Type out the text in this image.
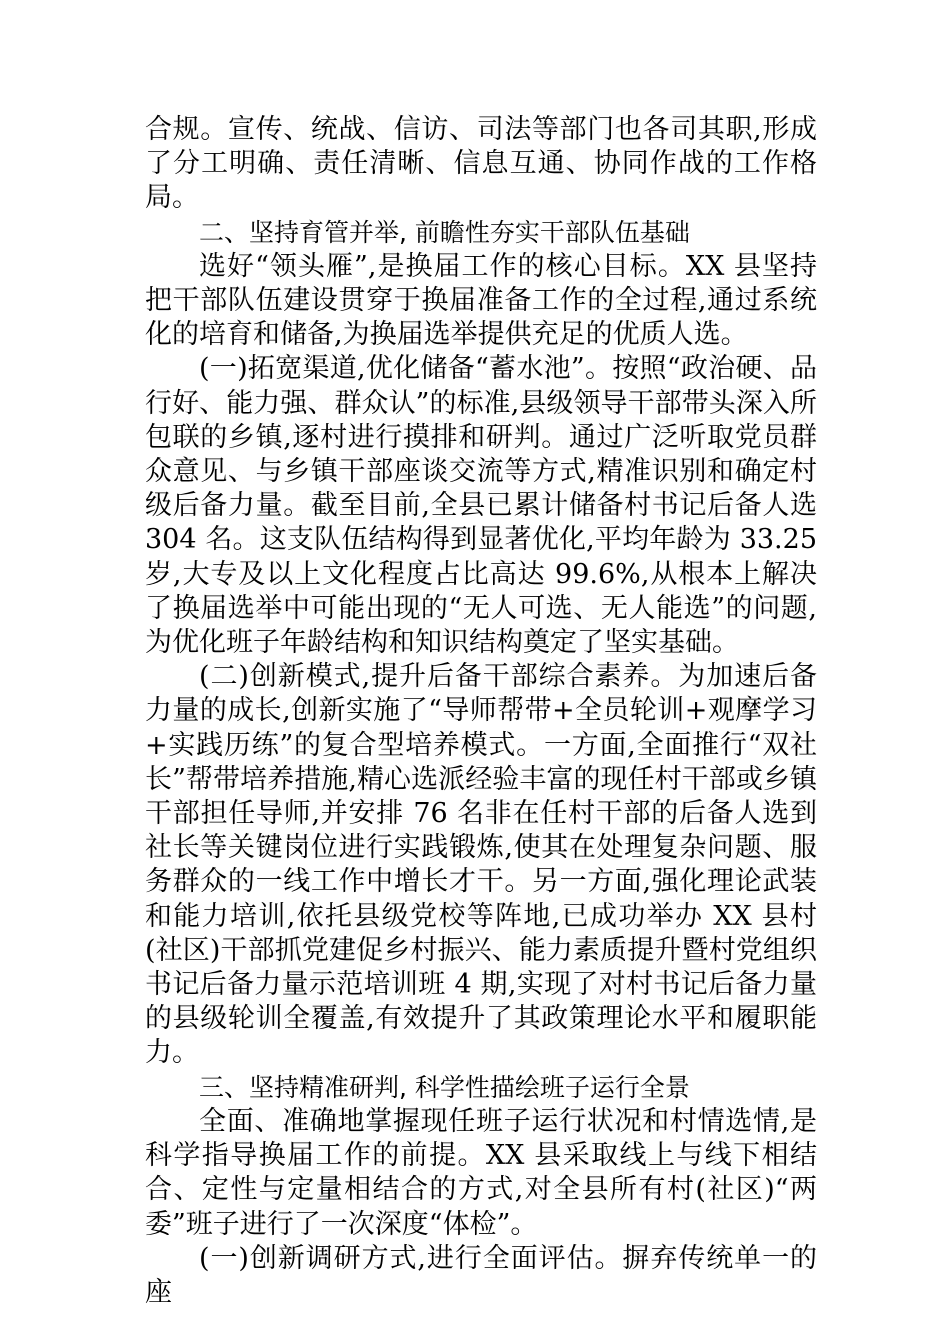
合规。宣传、统战、信访、司法等部门也各司其职,形成了分工明确、责任清晰、信息互通、协同作战的工作格局。

二、坚持育管并举, 前瞻性夯实干部队伍基础

选好“领头雁”,是换届工作的核心目标。XX 县坚持把干部队伍建设贯穿于换届准备工作的全过程,通过系统化的培育和储备,为换届选举提供充足的优质人选。

(一)拓宽渠道,优化储备“蓄水池”。按照“政治硬、品行好、能力强、群众认”的标准,县级领导干部带头深入所包联的乡镇,逐村进行摸排和研判。通过广泛听取党员群众意见、与乡镇干部座谈交流等方式,精准识别和确定村级后备力量。截至目前,全县已累计储备村书记后备人选 304 名。这支队伍结构得到显著优化,平均年龄为 33.25 岁,大专及以上文化程度占比高达 99.6%,从根本上解决了换届选举中可能出现的“无人可选、无人能选”的问题,为优化班子年龄结构和知识结构奠定了坚实基础。

(二)创新模式,提升后备干部综合素养。为加速后备力量的成长,创新实施了“导师帮带+全员轮训+观摩学习+实践历练”的复合型培养模式。一方面,全面推行“双社长”帮带培养措施,精心选派经验丰富的现任村干部或乡镇干部担任导师,并安排 76 名非在任村干部的后备人选到社长等关键岗位进行实践锻炼,使其在处理复杂问题、服务群众的一线工作中增长才干。另一方面,强化理论武装和能力培训,依托县级党校等阵地,已成功举办 XX 县村(社区)干部抓党建促乡村振兴、能力素质提升暨村党组织书记后备力量示范培训班 4 期,实现了对村书记后备力量的县级轮训全覆盖,有效提升了其政策理论水平和履职能力。

三、坚持精准研判, 科学性描绘班子运行全景

全面、准确地掌握现任班子运行状况和村情选情,是科学指导换届工作的前提。XX 县采取线上与线下相结合、定性与定量相结合的方式,对全县所有村(社区)“两委”班子进行了一次深度“体检”。

(一)创新调研方式,进行全面评估。摒弃传统单一的座
